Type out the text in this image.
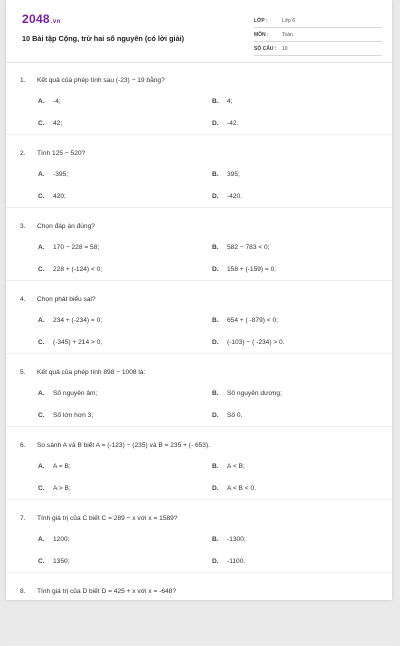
2048.vn
10 Bài tập Cộng, trừ hai số nguyên (có lời giải)
LỚP :	Lớp 6
MÔN :	Toán
SỐ CÂU :	10
1. Kết quả của phép tính sau (-23) − 19 bằng?
A. -4;	B. 4;
C. 42;	D. -42.
2. Tính 125 − 520?
A. -395;	B. 395;
C. 420;	D. -420.
3. Chọn đáp án đúng?
A. 170 − 228 = 58;	B. 582 − 783 < 0;
C. 228 + (-124) < 0;	D. 158 + (-159) = 0.
4. Chọn phát biểu sai?
A. 234 + (-234) = 0;	B. 654 + ( -879) < 0;
C. (-345) + 214 > 0;	D. (-103) − ( -234) > 0.
5. Kết quả của phép tính 898 − 1008 là:
A. Số nguyên âm;	B. Số nguyên dương;
C. Số lớn hơn 3;	D. Số 0.
6. So sánh A và B biết A = (-123) − (235) và B = 235 + (- 653).
A. A = B;	B. A < B;
C. A > B;	D. A < B < 0.
7. Tính giá trị của C biết C = 289 − x với x = 1589?
A. 1200;	B. -1300;
C. 1350;	D. -1100.
8. Tính giá trị của D biết D = 425 + x với x = -648?
